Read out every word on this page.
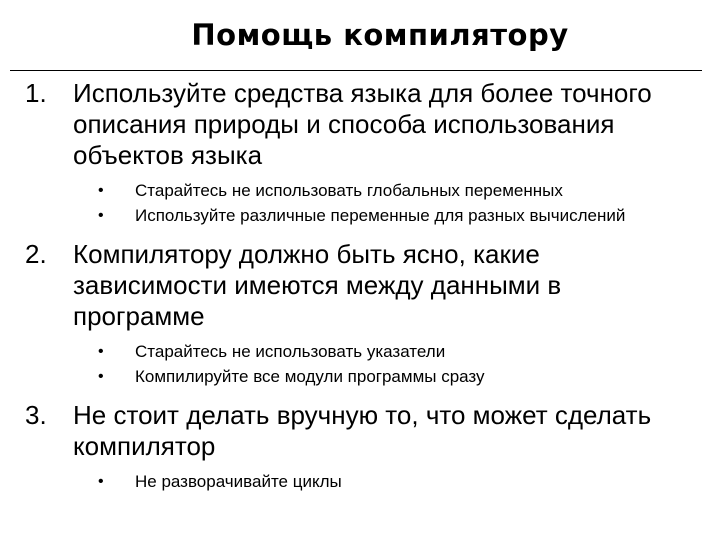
Помощь компилятору
1. Используйте средства языка для более точного описания природы и способа использования объектов языка
• Старайтесь не использовать глобальных переменных
• Используйте различные переменные для разных вычислений
2. Компилятору должно быть ясно, какие зависимости имеются между данными в программе
• Старайтесь не использовать указатели
• Компилируйте все модули программы сразу
3. Не стоит делать вручную то, что может сделать компилятор
• Не разворачивайте циклы
